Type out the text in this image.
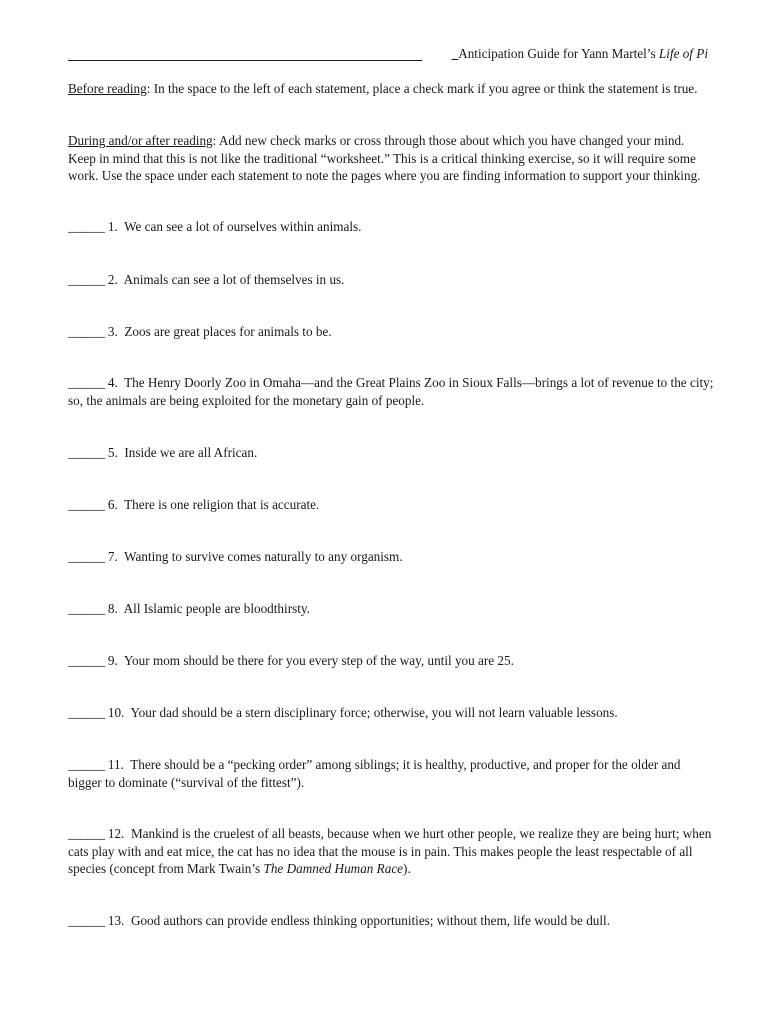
_Anticipation Guide for Yann Martel’s Life of Pi

Before reading: In the space to the left of each statement, place a check mark if you agree or think the statement is true.

During and/or after reading: Add new check marks or cross through those about which you have changed your mind. Keep in mind that this is not like the traditional “worksheet.” This is a critical thinking exercise, so it will require some work. Use the space under each statement to note the pages where you are finding information to support your thinking.

______ 1. We can see a lot of ourselves within animals.

______ 2. Animals can see a lot of themselves in us.

______ 3. Zoos are great places for animals to be.

______ 4. The Henry Doorly Zoo in Omaha—and the Great Plains Zoo in Sioux Falls—brings a lot of revenue to the city; so, the animals are being exploited for the monetary gain of people.

______ 5. Inside we are all African.

______ 6. There is one religion that is accurate.

______ 7. Wanting to survive comes naturally to any organism.

______ 8. All Islamic people are bloodthirsty.

______ 9. Your mom should be there for you every step of the way, until you are 25.

______ 10. Your dad should be a stern disciplinary force; otherwise, you will not learn valuable lessons.

______ 11. There should be a “pecking order” among siblings; it is healthy, productive, and proper for the older and bigger to dominate (“survival of the fittest”).

______ 12. Mankind is the cruelest of all beasts, because when we hurt other people, we realize they are being hurt; when cats play with and eat mice, the cat has no idea that the mouse is in pain. This makes people the least respectable of all species (concept from Mark Twain’s The Damned Human Race).

______ 13. Good authors can provide endless thinking opportunities; without them, life would be dull.
